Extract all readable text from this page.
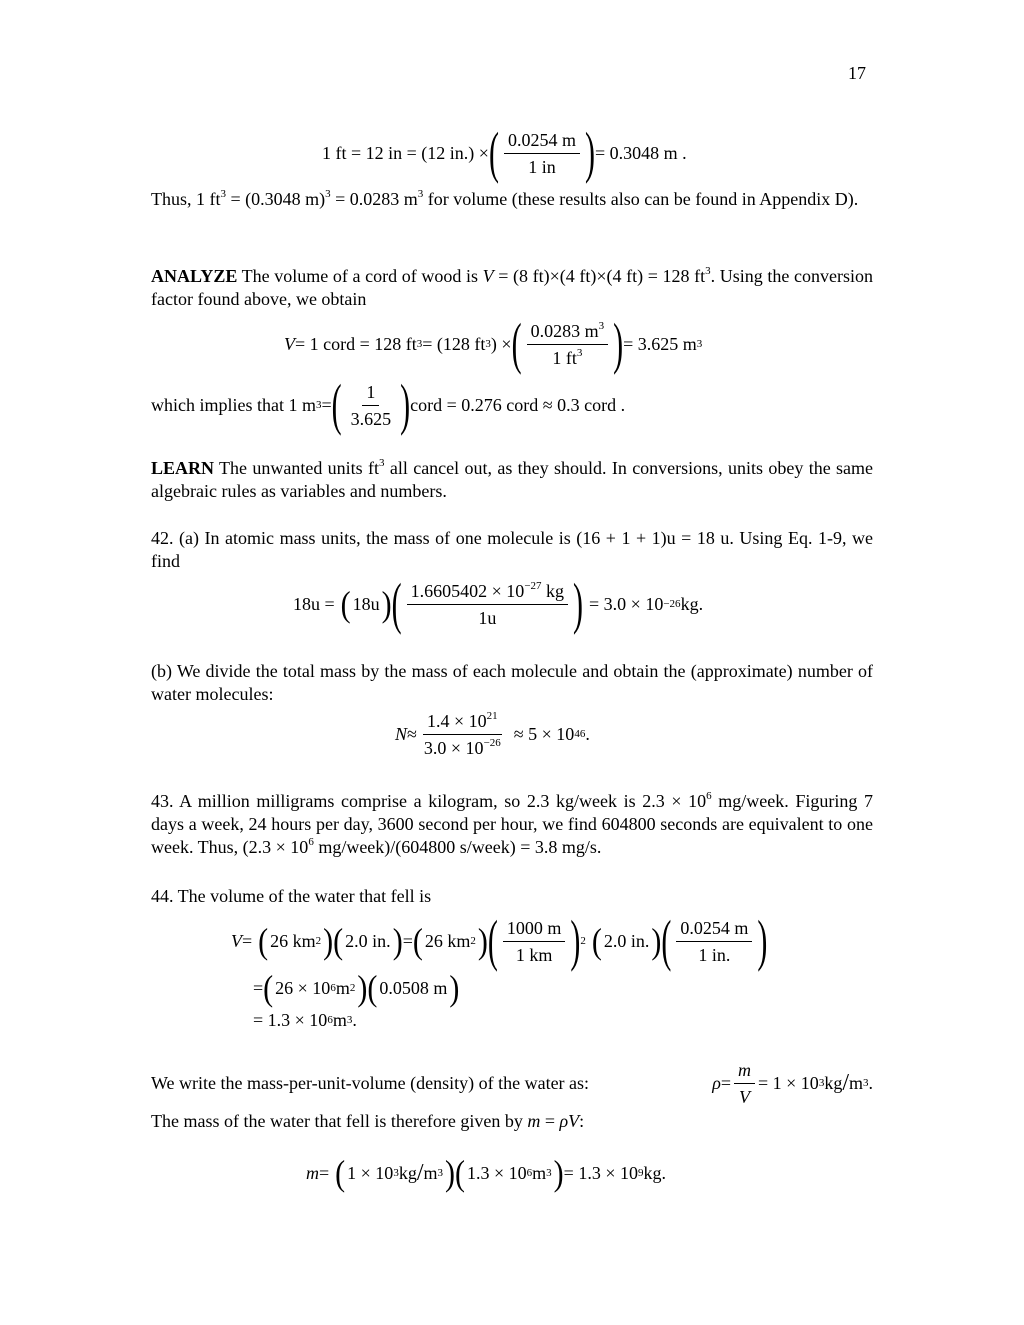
17
1 ft = 12 in = (12 in.) × ( $\frac{0.0254 m}{1 in}$ ) = 0.3048 m .
Thus, 1 $ft^3 = (0.3048$ m)$^3$ = 0.0283 $m^3$ for volume (these results also can be found in Appendix D).
ANALYZE The volume of a cord of wood is V = (8 ft)×(4 ft)×(4 ft) = 128 $ft^3$. Using the conversion factor found above, we obtain
V = 1 cord = 128 ft 3 = (128 ft 3 ) × ( $\frac{0.0283 m^3}{1 ft^3}$ ) = 3.625 m 3
which implies that 1 m 3 = ( $\frac{1}{3.625}$ ) cord = 0.276 cord ≈ 0.3 cord .
LEARN The unwanted units $ft^3$ all cancel out, as they should. In conversions, units obey the same algebraic rules as variables and numbers.
42. (a) In atomic mass units, the mass of one molecule is (16 + 1 + 1)u = 18 u. Using Eq. 1-9, we find
18u = ( 18u ) ( $\frac{1.6605402 \times 10^{-27} kg}{1u}$ ) = 3.0 × 10 −26 kg.
(b) We divide the total mass by the mass of each molecule and obtain the (approximate) number of water molecules:
$N \approx \frac{1.4 \times 10^{21}}{3.0 \times 10^{-26}} \approx 5 \times 10$ 46 .
43. A million milligrams comprise a kilogram, so 2.3 kg/week is $2.3 \times 10^6$ mg/week. Figuring 7 days a week, 24 hours per day, 3600 second per hour, we find 604800 seconds are equivalent to one week. Thus, ($2.3 \times 10^6$ mg/week)/(604800 s/week) = 3.8 mg/s.
44. The volume of the water that fell is
V = ( 26 km 2 ) ( 2.0 in. ) = ( 26 km 2 ) ( $\frac{1000 m}{1 km}$ ) 2 ( 2.0 in. ) ( $\frac{0.0254 m}{1 in.}$ )
= ( 26 × 10 6 m 2 ) ( 0.0508 m )
= 1.3 × 10 6 m 3 .
We write the mass-per-unit-volume (density) of the water as:	$\rho = \frac{m}{V} = 1 \times 10$ 3 kg / m 3 .
The mass of the water that fell is therefore given by m = ρV:
m = ( 1 × 10 3 kg / m 3 ) ( 1.3 × 10 6 m 3 ) = 1.3 × 10 9 kg.
